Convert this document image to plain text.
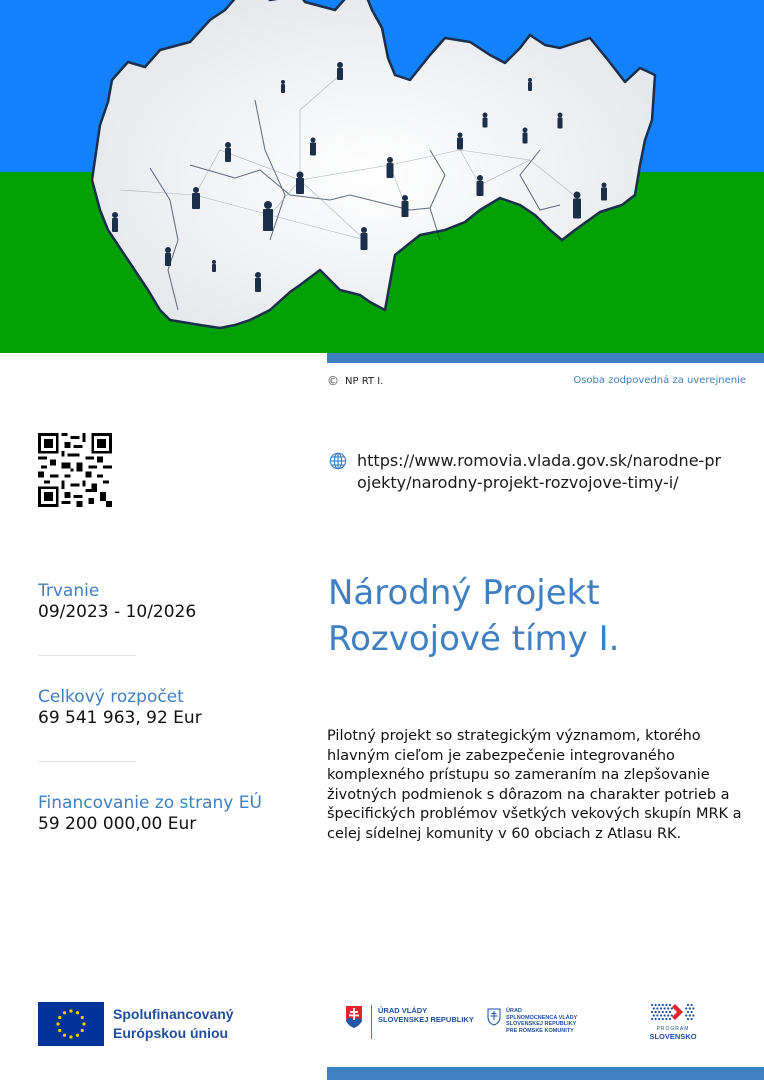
© NP RT I.	Osoba zodpovedná za uverejnenie
https://www.romovia.vlada.gov.sk/narodne-projekty/narodny-projekt-rozvojove-timy-i/
Trvanie
09/2023 - 10/2026
Celkový rozpočet
69 541 963, 92 Eur
Financovanie zo strany EÚ
59 200 000,00 Eur
Národný Projekt
Rozvojové tímy I.

Pilotný projekt so strategickým významom, ktorého hlavným cieľom je zabezpečenie integrovaného komplexného prístupu so zameraním na zlepšovanie životných podmienok s dôrazom na charakter potrieb a špecifických problémov všetkých vekových skupín MRK a celej sídelnej komunity v 60 obciach z Atlasu RK.

Spolufinancovaný
Európskou úniou
ÚRAD VLÁDY
SLOVENSKEJ REPUBLIKY
ÚRAD
SPLNOMOCNENCA VLÁDY
SLOVENSKEJ REPUBLIKY
PRE RÓMSKE KOMUNITY	PROGRAM
SLOVENSKO
